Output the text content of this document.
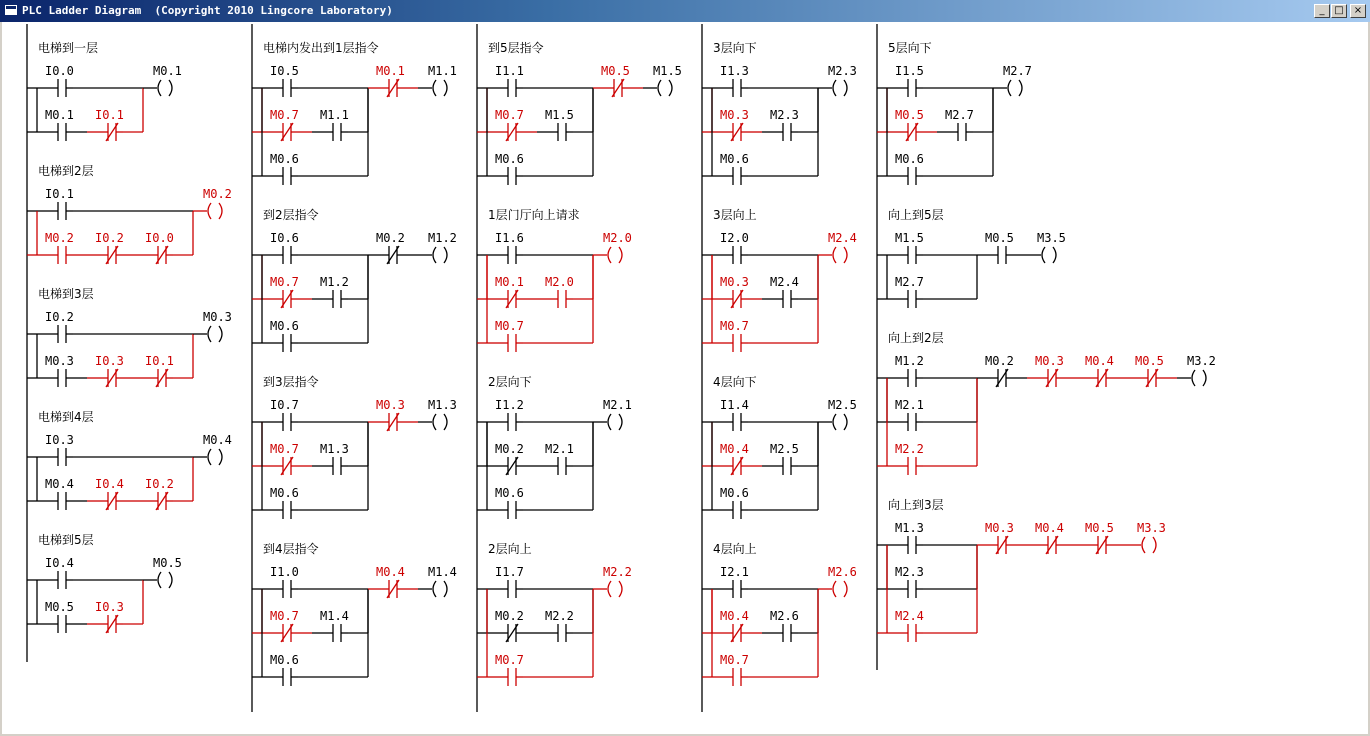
PLC Ladder Diagram  (Copyright 2010 Lingcore Laboratory)	_ □	×
电梯到一层
I0.0
M0.1 I0.1
M0.1
电梯到2层
I0.1
M0.2 I0.2 I0.0
M0.2
电梯到3层
I0.2
M0.3 I0.3 I0.1
M0.3
电梯到4层
I0.3
M0.4 I0.4 I0.2
M0.4
电梯到5层
I0.4
M0.5 I0.3
M0.5
电梯内发出到1层指令
I0.5
M0.7 M1.1
M0.6
M0.1 M1.1
到2层指令
I0.6
M0.7 M1.2
M0.6
M0.2 M1.2
到3层指令
I0.7
M0.7 M1.3
M0.6
M0.3 M1.3
到4层指令
I1.0
M0.7 M1.4
M0.6
M0.4 M1.4
到5层指令
I1.1
M0.7 M1.5
M0.6
M0.5 M1.5
1层门厅向上请求
I1.6
M0.1 M2.0
M0.7
M2.0
2层向下
I1.2
M0.2 M2.1
M0.6
M2.1
2层向上
I1.7
M0.2 M2.2
M0.7
M2.2
3层向下
I1.3
M0.3 M2.3
M0.6
M2.3
3层向上
I2.0
M0.3 M2.4
M0.7
M2.4
4层向下
I1.4
M0.4 M2.5
M0.6
M2.5
4层向上
I2.1
M0.4 M2.6
M0.7
M2.6
5层向下
I1.5
M0.5 M2.7
M0.6
M2.7
向上到5层
M1.5
M2.7
M0.5 M3.5
向上到2层
M1.2
M2.1
M2.2
M0.2 M0.3 M0.4 M0.5 M3.2
向上到3层
M1.3
M2.3
M2.4
M0.3 M0.4 M0.5 M3.3
